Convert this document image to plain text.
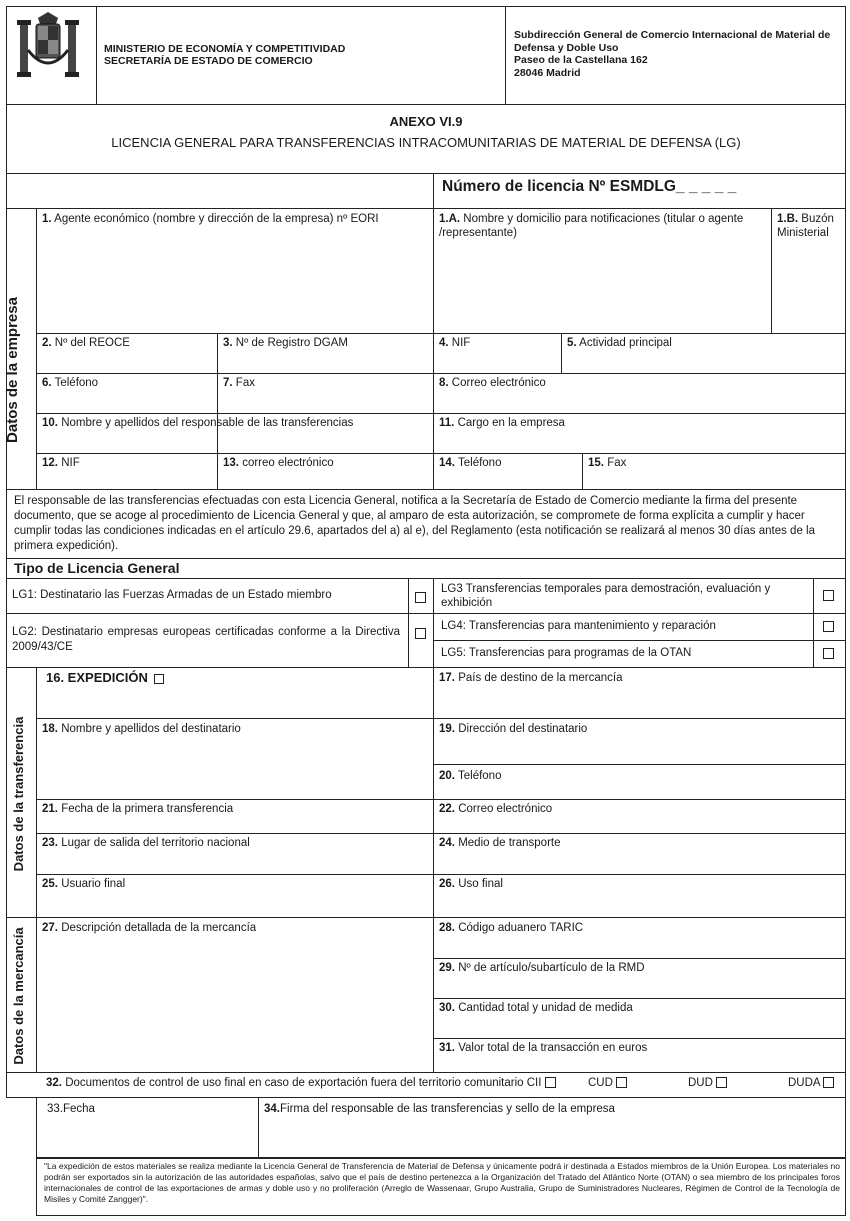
MINISTERIO DE ECONOMÍA Y COMPETITIVIDAD
SECRETARÍA DE ESTADO DE COMERCIO
Subdirección General de Comercio Internacional de Material de
Defensa y Doble Uso
Paseo de la Castellana 162
28046 Madrid
ANEXO VI.9
LICENCIA GENERAL PARA TRANSFERENCIAS INTRACOMUNITARIAS DE MATERIAL DE DEFENSA (LG)
Número de licencia Nº ESMDLG_ _ _ _ _
Datos de la empresa
1. Agente económico (nombre y dirección de la empresa) nº EORI	1.A. Nombre y domicilio para notificaciones (titular o agente /representante)
1.B. Buzón Ministerial
2. Nº del REOCE	3. Nº de Registro DGAM	4. NIF	5. Actividad principal
6. Teléfono	7. Fax	8. Correo electrónico
10. Nombre y apellidos del responsable de las transferencias	11. Cargo en la empresa
12. NIF	13. correo electrónico	14. Teléfono	15. Fax
El responsable de las transferencias efectuadas con esta Licencia General, notifica a la Secretaría de Estado de Comercio mediante la firma del presente documento, que se acoge al procedimiento de Licencia General y que, al amparo de esta autorización, se compromete de forma explícita a cumplir y hacer cumplir todas las condiciones indicadas en el artículo 29.6, apartados del a) al e), del Reglamento (esta notificación se realizará al menos 30 días antes de la primera expedición).
Tipo de Licencia General
LG1: Destinatario las Fuerzas Armadas de un Estado miembro
LG2: Destinatario empresas europeas certificadas conforme a la Directiva 2009/43/CE
LG3 Transferencias temporales para demostración, evaluación y exhibición
LG4: Transferencias para mantenimiento y reparación
LG5: Transferencias para programas de la OTAN
Datos de la transferencia
16. EXPEDICIÓN	17. País de destino de la mercancía
18. Nombre y apellidos del destinatario	19. Dirección del destinatario
20. Teléfono
21. Fecha de la primera transferencia	22. Correo electrónico
23. Lugar de salida del territorio nacional	24. Medio de transporte
25. Usuario final	26. Uso final
Datos de la mercancía	27. Descripción detallada de la mercancía	28. Código aduanero TARIC
29. Nº de artículo/subartículo de la RMD
30. Cantidad total y unidad de medida
31. Valor total de la transacción en euros
32. Documentos de control de uso final en caso de exportación fuera del territorio comunitario CII	CUD	DUD	DUDA
33.Fecha	34.Firma del responsable de las transferencias y sello de la empresa
"La expedición de estos materiales se realiza mediante la Licencia General de Transferencia de Material de Defensa y únicamente podrá ir destinada a Estados miembros de la Unión Europea. Los materiales no podrán ser exportados sin la autorización de las autoridades españolas, salvo que el país de destino pertenezca a la Organización del Tratado del Atlántico Norte (OTAN) o sea miembro de los principales foros internacionales de control de las exportaciones de armas y doble uso y no proliferación (Arreglo de Wassenaar, Grupo Australia, Grupo de Suministradores Nucleares, Régimen de Control de la Tecnología de Misiles y Comité Zangger)".
